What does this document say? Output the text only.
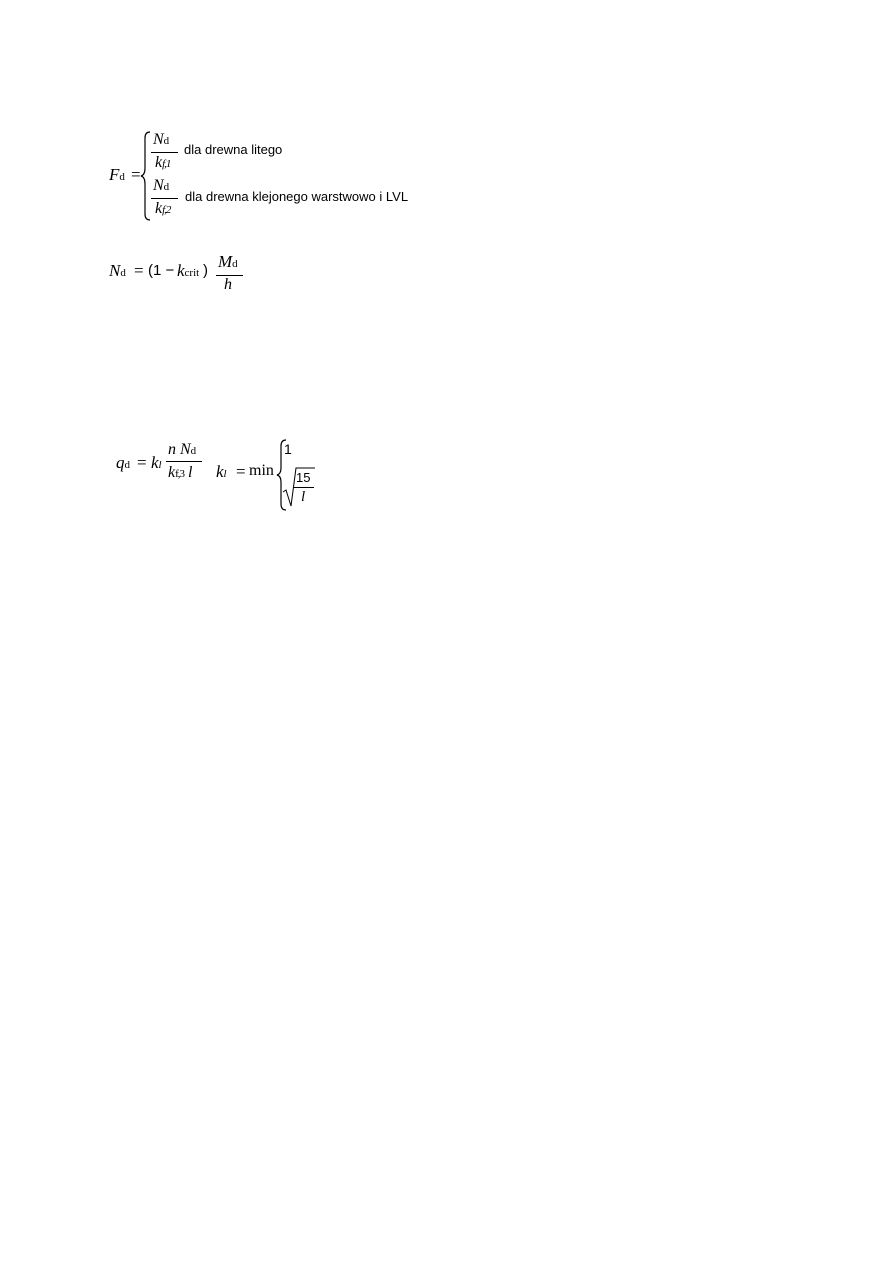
Fd =
Nd
kf,1
dla drewna litego
Nd
kf,2
dla drewna klejonego warstwowo i LVL
Nd = (1 − kcrit ) Md
h
qd = kl
n Nd
kf,3 l kl = min
1
15
l
